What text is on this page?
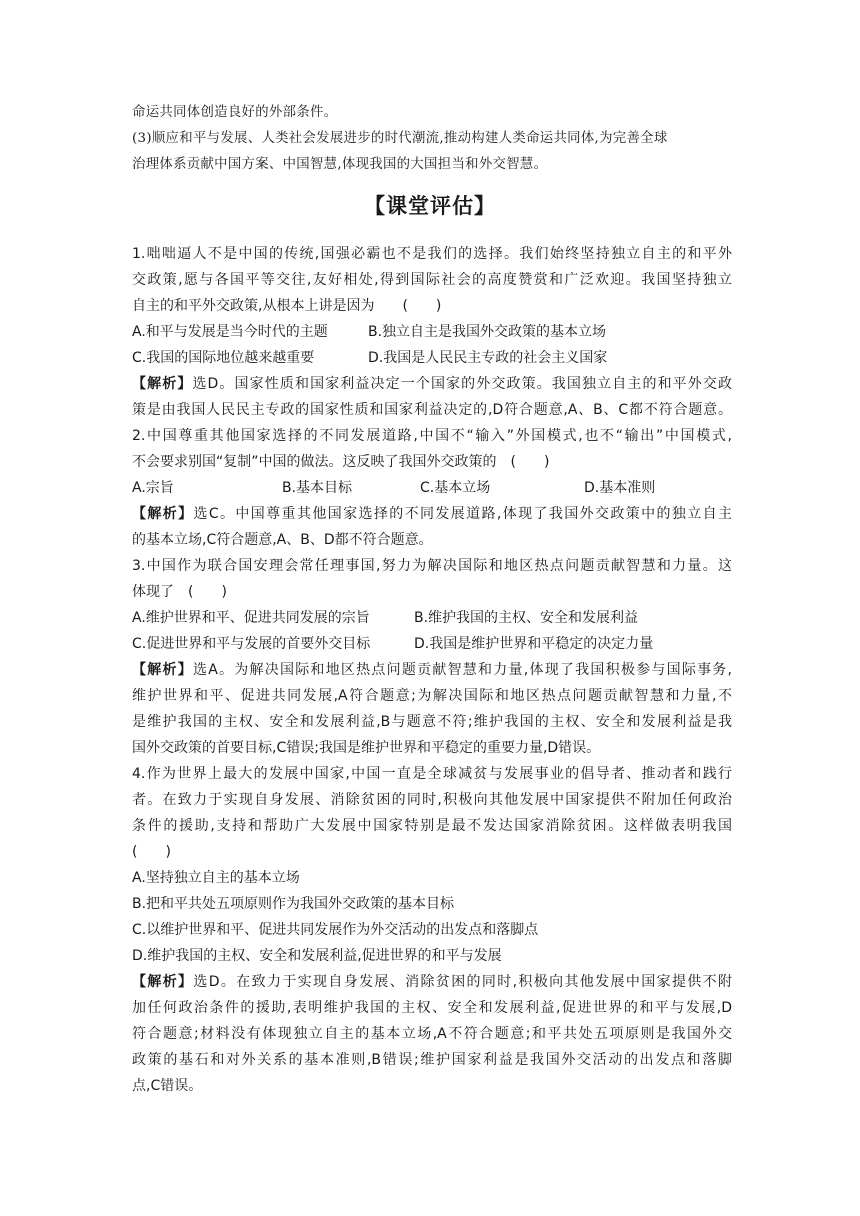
命运共同体创造良好的外部条件。

(3)顺应和平与发展、人类社会发展进步的时代潮流,推动构建人类命运共同体,为完善全球

治理体系贡献中国方案、中国智慧,体现我国的大国担当和外交智慧。

【课堂评估】
1.咄咄逼人不是中国的传统,国强必霸也不是我们的选择。我们始终坚持独立自主的和平外
交政策,愿与各国平等交往,友好相处,得到国际社会的高度赞赏和广泛欢迎。我国坚持独立
自主的和平外交政策,从根本上讲是因为　　(　　)
A.和平与发展是当今时代的主题	B.独立自主是我国外交政策的基本立场
C.我国的国际地位越来越重要	D.我国是人民民主专政的社会主义国家
【解析】选D。国家性质和国家利益决定一个国家的外交政策。我国独立自主的和平外交政
策是由我国人民民主专政的国家性质和国家利益决定的,D符合题意,A、B、C都不符合题意。
2.中国尊重其他国家选择的不同发展道路,中国不“输入”外国模式,也不“输出”中国模式,
不会要求别国“复制”中国的做法。这反映了我国外交政策的　(　　)
A.宗旨	B.基本目标	C.基本立场	D.基本准则
【解析】选C。中国尊重其他国家选择的不同发展道路,体现了我国外交政策中的独立自主
的基本立场,C符合题意,A、B、D都不符合题意。
3.中国作为联合国安理会常任理事国,努力为解决国际和地区热点问题贡献智慧和力量。这
体现了　(　　)
A.维护世界和平、促进共同发展的宗旨	B.维护我国的主权、安全和发展利益
C.促进世界和平与发展的首要外交目标	D.我国是维护世界和平稳定的决定力量
【解析】选A。为解决国际和地区热点问题贡献智慧和力量,体现了我国积极参与国际事务,
维护世界和平、促进共同发展,A符合题意;为解决国际和地区热点问题贡献智慧和力量,不
是维护我国的主权、安全和发展利益,B与题意不符;维护我国的主权、安全和发展利益是我
国外交政策的首要目标,C错误;我国是维护世界和平稳定的重要力量,D错误。
4.作为世界上最大的发展中国家,中国一直是全球减贫与发展事业的倡导者、推动者和践行
者。在致力于实现自身发展、消除贫困的同时,积极向其他发展中国家提供不附加任何政治
条件的援助,支持和帮助广大发展中国家特别是最不发达国家消除贫困。这样做表明我国
(　　)
A.坚持独立自主的基本立场
B.把和平共处五项原则作为我国外交政策的基本目标
C.以维护世界和平、促进共同发展作为外交活动的出发点和落脚点
D.维护我国的主权、安全和发展利益,促进世界的和平与发展
【解析】选D。在致力于实现自身发展、消除贫困的同时,积极向其他发展中国家提供不附
加任何政治条件的援助,表明维护我国的主权、安全和发展利益,促进世界的和平与发展,D
符合题意;材料没有体现独立自主的基本立场,A不符合题意;和平共处五项原则是我国外交
政策的基石和对外关系的基本准则,B错误;维护国家利益是我国外交活动的出发点和落脚
点,C错误。
